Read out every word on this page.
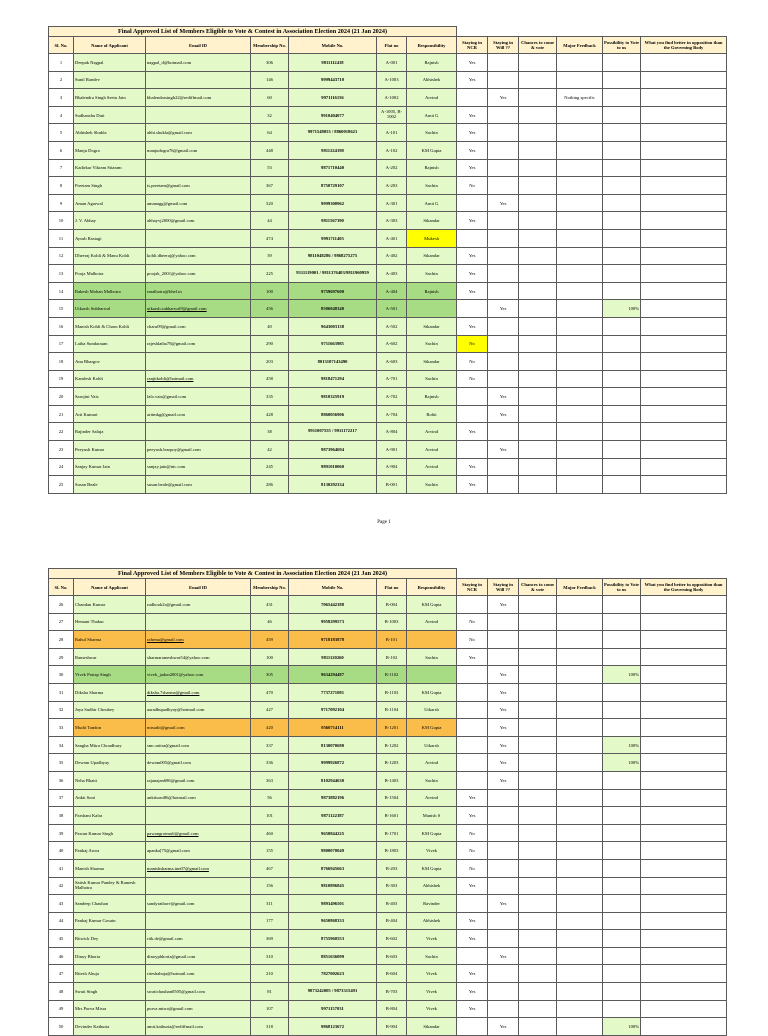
Final Approved List of Members Eligible to Vote & Contest in Association Election 2024 (21 Jan 2024)												
Sl. No.	Name of Applicant	Email ID	Membership No.	Mobile No.	Flat no	Responsibility	Staying in NCR	Staying in Will ??	Chances to come & vote	Major Feedback	Possibility to Vote to us	What you find better in opposition than the Governing Body
1	Deepak Nagpal	nagpal_d@hotmail.com	306	9811112418	A-001	Rajnish	Yes					
2	Sunil Randev		146	9999443710	A-1003	Abhishek	Yes					
3	Bhalendra Singh Seetu Jain	bhalendrasingh22@rediffmail.com	60	9971116156	A-1002	Arvind		Yes		Nothing specific		
4	Sudhanshu Dutt		32	9910404077	A-1005, B-1002	Amit G	Yes					
5	Abhishek Shukla	abhi.shukla@gmail.com	64	9971548053 / 8860018621	A-101	Sachin	Yes					
6	Manju Dogra	manjudogra76@gmail.com	448	9811224198	A-102	KM Gupta	Yes					
7	Kadirkar Vikram Sitaram		53	9871710440	A-202	Rajnish	Yes					
8	Preetam Singh	ts.preetam@gmail.com	367	8750729107	A-203	Sachin	No					
9	Aman Agarwal	amanagg@gmail.com	320	9999300962	A-301	Amit G		Yes				
10	J. V. Abhay	abhayvj2000@gmail.com	44	9811567390	A-303	Sikandar	Yes					
11	Ayush Rastagi		474	9991711403	A-401	Mukesh						
12	Dheeraj Kohli & Manu Kohli	kohli.dheeraj@yahoo.com	39	9811048286 / 9868275275	A-402	Sikandar	Yes					
13	Pooja Malhotra	poojak_2001@yahoo.com	225	9311119001 / 9811376403/9811960959	A-403	Sachin	Yes					
14	Rakesh Mohan Malhotra	rmalhotra@bhel.in	100	9759697600	A-404	Rajnish	Yes					
15	Utkarsh Subharwal	utkarsh.subharwal9@gmail.com	456	8506048340	A-501			Yes			100%	
16	Manish Kohli & Charu Kohli	charu09@gmail.com	40	9643003138	A-502	Sikandar	Yes					
17	Latha Sundaraum	rajeshlatha78@gmail.com	290	9711663985	A-602	Sachin	No					
18	Anu Bhargov		203	8013107143490	A-603	Sikandar	No					
19	Kamlesh Kohli	ranjitkohli@hotmail.com	458	9818471294	A-701	Sachin	No					
20	Sarojini Vais	lalo.vais@gmail.com	335	9810325919	A-702	Rajnish		Yes				
21	Arti Kumari	artimkg@gmail.com	428	8860056906	A-704	Rohit		Yes				
22	Rajinder Saluja		38	9911007555 / 9911172217	A-804	Arvind	Yes					
23	Peeyush Kumar	peeyush.learpoy@gmail.com	42	9873964694	A-901	Arvind		Yes				
24	Sanjay Kumar Jain	sanjay.jain@nic.com	245	9891010060	A-904	Arvind	Yes					
25	Susan Beale	susan.beale@gmail.com	286	8130292334	B-001	Sachin	Yes					
Page 1
Final Approved List of Members Eligible to Vote & Contest in Association Election 2024 (21 Jan 2024)												
Sl. No.	Name of Applicant	Email ID	Membership No.	Mobile No.	Flat no	Responsibility	Staying in NCR	Staying in Will ??	Chances to come & vote	Major Feedback	Possibility to Vote to us	What you find better in opposition than the Governing Body
26	Chandan Kumar	rudhook2a@gmail.com	431	7065442388	B-004	KM Gupta		Yes				
27	Hemant Thakur		46	9958299573	B-1003	Arvind	No					
28	Rahul Sharma	rahrma@gmail.com	459	9718183878	B-101		No					
29	Rameshwar	sharmarameshwar54@yahoo.com	100	9811120260	B-102	Sachin	Yes					
30	Vivek Pratap Singh	vivek_jadon2001@yahoo.com	305	9634294487	B-1102			Yes			100%	
31	Diksha Sharma	diksha.7sharma@gmail.com	470	7737271081	B-1103	KM Gupta		Yes				
32	Jaya Sudhir Choubey	aaradhupadhyay@hotmail.com	427	9717092104	B-1104	Utkarsh		Yes				
33	Mudit Tandon	mtsudit@gmail.com	420	9560714111	B-1201	KM Gupta		Yes				
34	Sangha Mitra Choudhury	smc.mitra@gmail.com	337	8130070680	B-1202	Utkarsh		Yes			100%	
35	Dewam Upadhyay	dewam005@gmail.com	336	9999926872	B-1203	Arvind		Yes			100%	
36	Neha Bhatti	rajanajan686@gmail.com	363	8102944630	B-1403	Sachin		Yes				
37	Ankit Soni	ankitsoni86@hotmail.com	56	9873882196	B-1504	Arvind	Yes					
38	Parshani Kalra		101	9871122387	B-1601	Manish S	Yes					
39	Pawan Kumar Singh	pawangrotmult@gmail.com	460	9650844225	B-1701	KM Gupta	No					
40	Pankaj Arora	apanka[75@gmail.com	155	9800070049	B-1803	Vivek	No					
41	Manish Sharma	manishsharma.inn07@gmail.com	467	8766945663	B-203	KM Gupta	No					
42	Satish Kumar Pandey & Ramesh Malhotra		156	9810896845	B-303	Abhishek	Yes					
43	Sandeep Chauhan	sandyrathore@gmail.com	311	9893496501	B-403	Ravinder		Yes				
44	Pankaj Kumar Gosain		177	9650868333	B-404	Abhishek	Yes					
45	Ritwick Dey	ritk.de@gmail.com	369	8755960553	B-602	Vivek	Yes					
46	Dinoy Bhoria	dinoyphhoria@gmail.com	310	8851636099	B-603	Sachin		Yes				
47	Ritesh Ahuja	riteshahuja@hotmail.com	210	7827002623	B-604	Vivek	Yes					
48	Swati Singh	swatichauhan0505@gmail.com	81	9873242005 / 9873315491	B-703	Vivek	Yes					
49	Mrs Purva Misra	purva.misra@gmail.com	107	9971157031	B-804	Vivek	Yes					
50	Devinder Kathuria	amit.kathuria@rediffmail.com	318	9868123672	B-904	Sikandar		Yes			100%	
